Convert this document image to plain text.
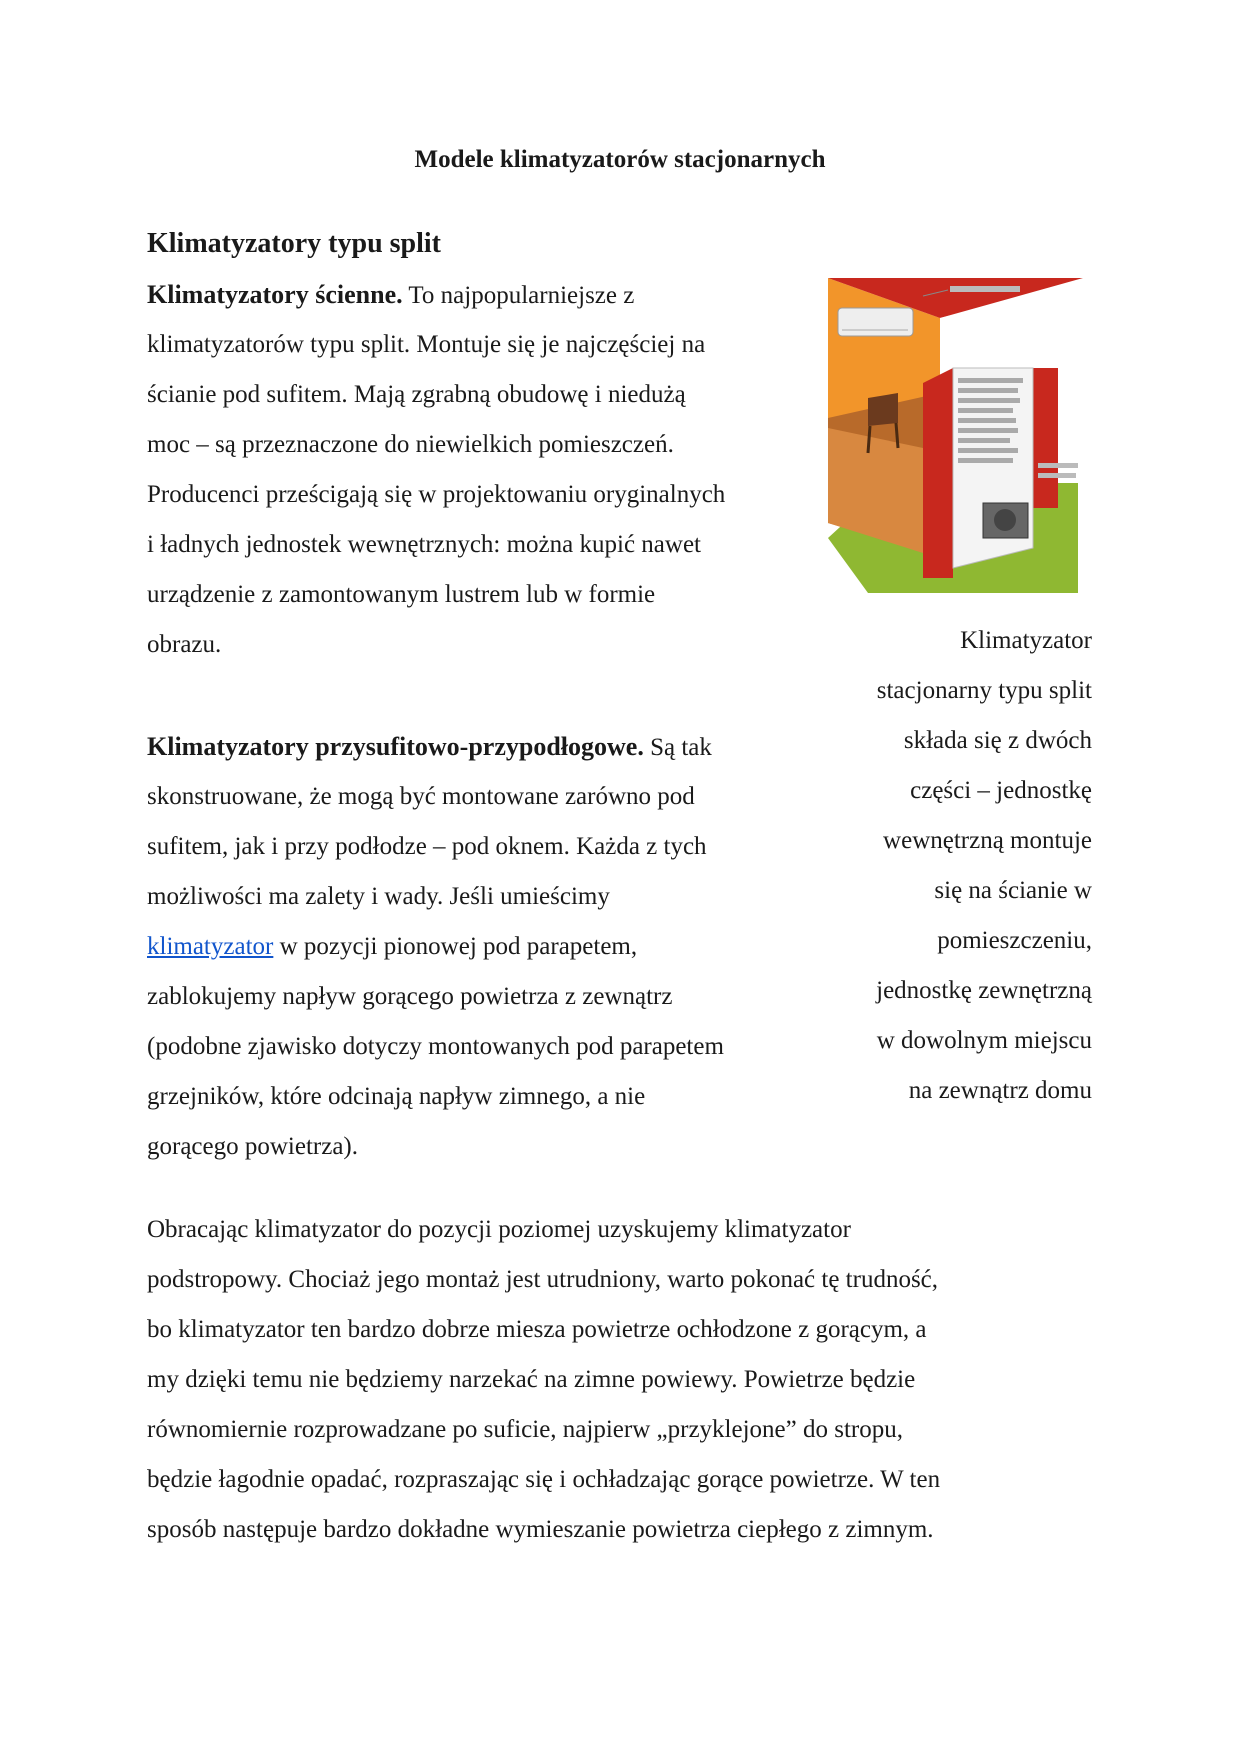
Modele klimatyzatorów stacjonarnych
Klimatyzatory typu split
Klimatyzatory ścienne. To najpopularniejsze z
klimatyzatorów typu split. Montuje się je najczęściej na
ścianie pod sufitem. Mają zgrabną obudowę i niedużą
moc – są przeznaczone do niewielkich pomieszczeń.
Producenci prześcigają się w projektowaniu oryginalnych
i ładnych jednostek wewnętrznych: można kupić nawet
urządzenie z zamontowanym lustrem lub w formie
obrazu.
Klimatyzatory przysufitowo-przypodłogowe. Są tak
skonstruowane, że mogą być montowane zarówno pod
sufitem, jak i przy podłodze – pod oknem. Każda z tych
możliwości ma zalety i wady. Jeśli umieścimy
klimatyzator w pozycji pionowej pod parapetem,
zablokujemy napływ gorącego powietrza z zewnątrz
(podobne zjawisko dotyczy montowanych pod parapetem
grzejników, które odcinają napływ zimnego, a nie
gorącego powietrza).
Obracając klimatyzator do pozycji poziomej uzyskujemy klimatyzator
podstropowy. Chociaż jego montaż jest utrudniony, warto pokonać tę trudność,
bo klimatyzator ten bardzo dobrze miesza powietrze ochłodzone z gorącym, a
my dzięki temu nie będziemy narzekać na zimne powiewy. Powietrze będzie
równomiernie rozprowadzane po suficie, najpierw „przyklejone” do stropu,
będzie łagodnie opadać, rozpraszając się i ochładzając gorące powietrze. W ten
sposób następuje bardzo dokładne wymieszanie powietrza ciepłego z zimnym.
Klimatyzator
stacjonarny typu split
składa się z dwóch
części – jednostkę
wewnętrzną montuje
się na ścianie w
pomieszczeniu,
jednostkę zewnętrzną
w dowolnym miejscu
na zewnątrz domu
